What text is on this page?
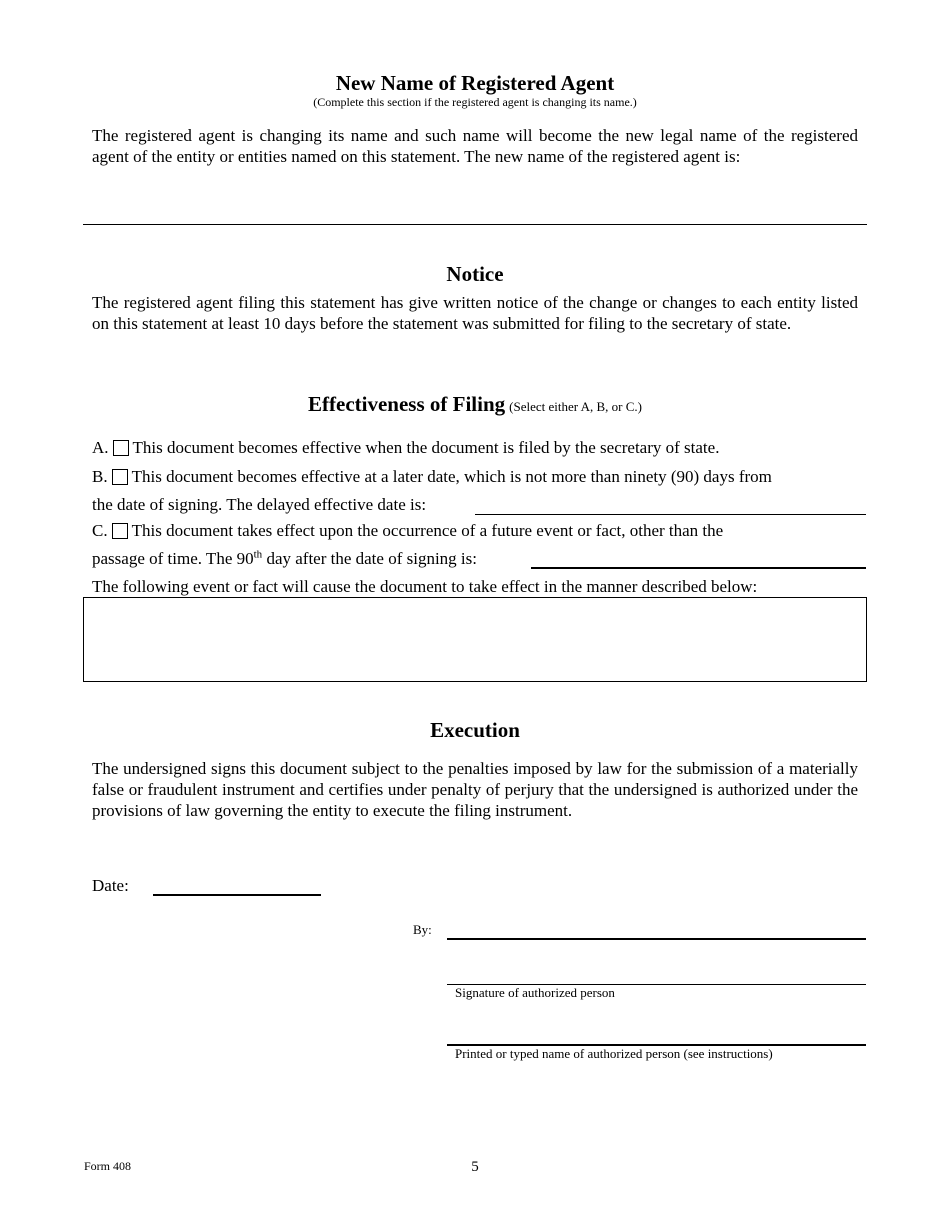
New Name of Registered Agent
(Complete this section if the registered agent is changing its name.)
The registered agent is changing its name and such name will become the new legal name of the registered agent of the entity or entities named on this statement. The new name of the registered agent is:
Notice
The registered agent filing this statement has give written notice of the change or changes to each entity listed on this statement at least 10 days before the statement was submitted for filing to the secretary of state.
Effectiveness of Filing (Select either A, B, or C.)
A. This document becomes effective when the document is filed by the secretary of state.
B. This document becomes effective at a later date, which is not more than ninety (90) days from
the date of signing. The delayed effective date is:
C. This document takes effect upon the occurrence of a future event or fact, other than the
passage of time. The 90th day after the date of signing is:
The following event or fact will cause the document to take effect in the manner described below:
Execution
The undersigned signs this document subject to the penalties imposed by law for the submission of a materially false or fraudulent instrument and certifies under penalty of perjury that the undersigned is authorized under the provisions of law governing the entity to execute the filing instrument.
Date:
By:
Signature of authorized person
Printed or typed name of authorized person (see instructions)
Form 408	5
